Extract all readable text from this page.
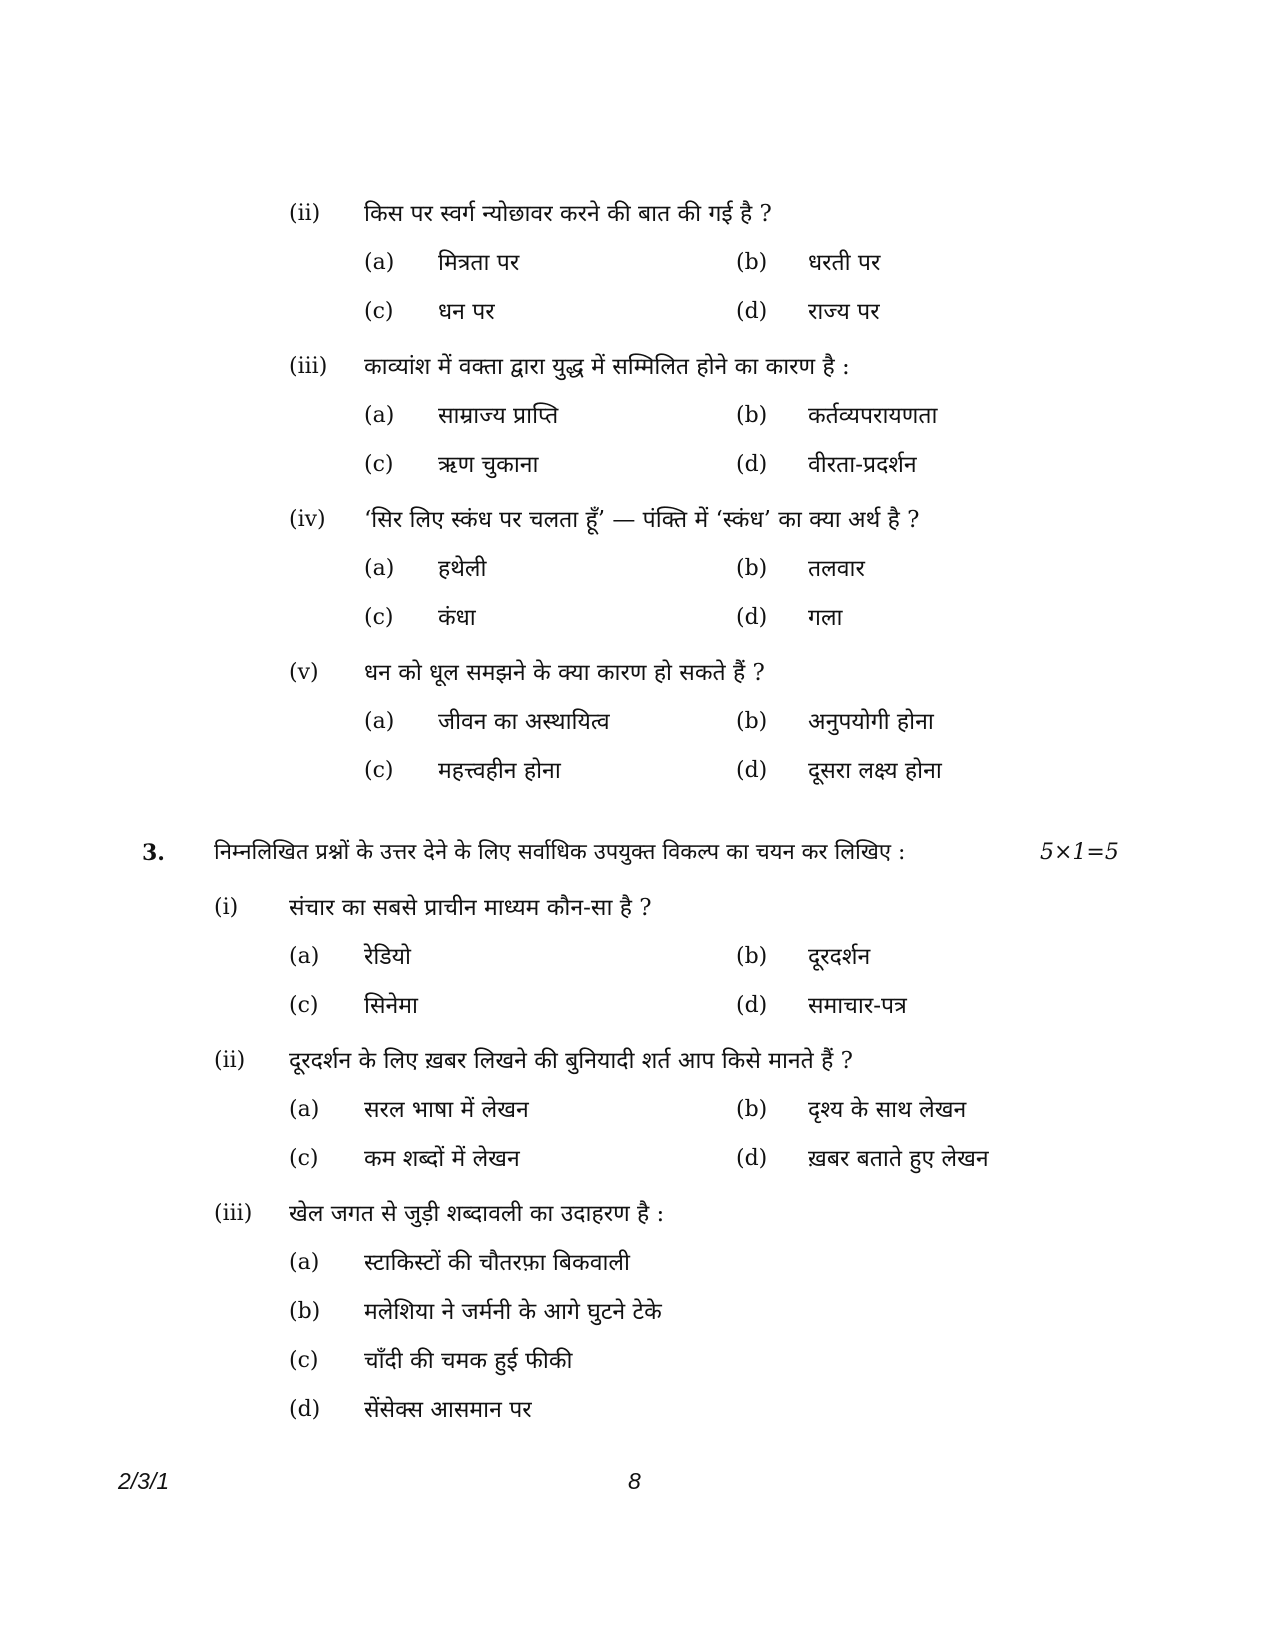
(ii) किस पर स्वर्ग न्योछावर करने की बात की गई है ?
(a) मित्रता पर	(b) धरती पर
(c) धन पर	(d) राज्य पर
(iii) काव्यांश में वक्ता द्वारा युद्ध में सम्मिलित होने का कारण है :
(a) साम्राज्य प्राप्ति	(b) कर्तव्यपरायणता
(c) ऋण चुकाना	(d) वीरता-प्रदर्शन
(iv) ‘सिर लिए स्कंध पर चलता हूँ’ — पंक्ति में ‘स्कंध’ का क्या अर्थ है ?
(a) हथेली	(b) तलवार
(c) कंधा	(d) गला
(v) धन को धूल समझने के क्या कारण हो सकते हैं ?
(a) जीवन का अस्थायित्व	(b) अनुपयोगी होना
(c) महत्त्वहीन होना	(d) दूसरा लक्ष्य होना
3. निम्नलिखित प्रश्नों के उत्तर देने के लिए सर्वाधिक उपयुक्त विकल्प का चयन कर लिखिए :	5×1=5
(i) संचार का सबसे प्राचीन माध्यम कौन-सा है ?
(a) रेडियो	(b) दूरदर्शन
(c) सिनेमा	(d) समाचार-पत्र
(ii) दूरदर्शन के लिए ख़बर लिखने की बुनियादी शर्त आप किसे मानते हैं ?
(a) सरल भाषा में लेखन	(b) दृश्य के साथ लेखन
(c) कम शब्दों में लेखन	(d) ख़बर बताते हुए लेखन
(iii) खेल जगत से जुड़ी शब्दावली का उदाहरण है :
(a) स्टाकिस्टों की चौतरफ़ा बिकवाली
(b) मलेशिया ने जर्मनी के आगे घुटने टेके
(c) चाँदी की चमक हुई फीकी
(d) सेंसेक्स आसमान पर
2/3/1	8
